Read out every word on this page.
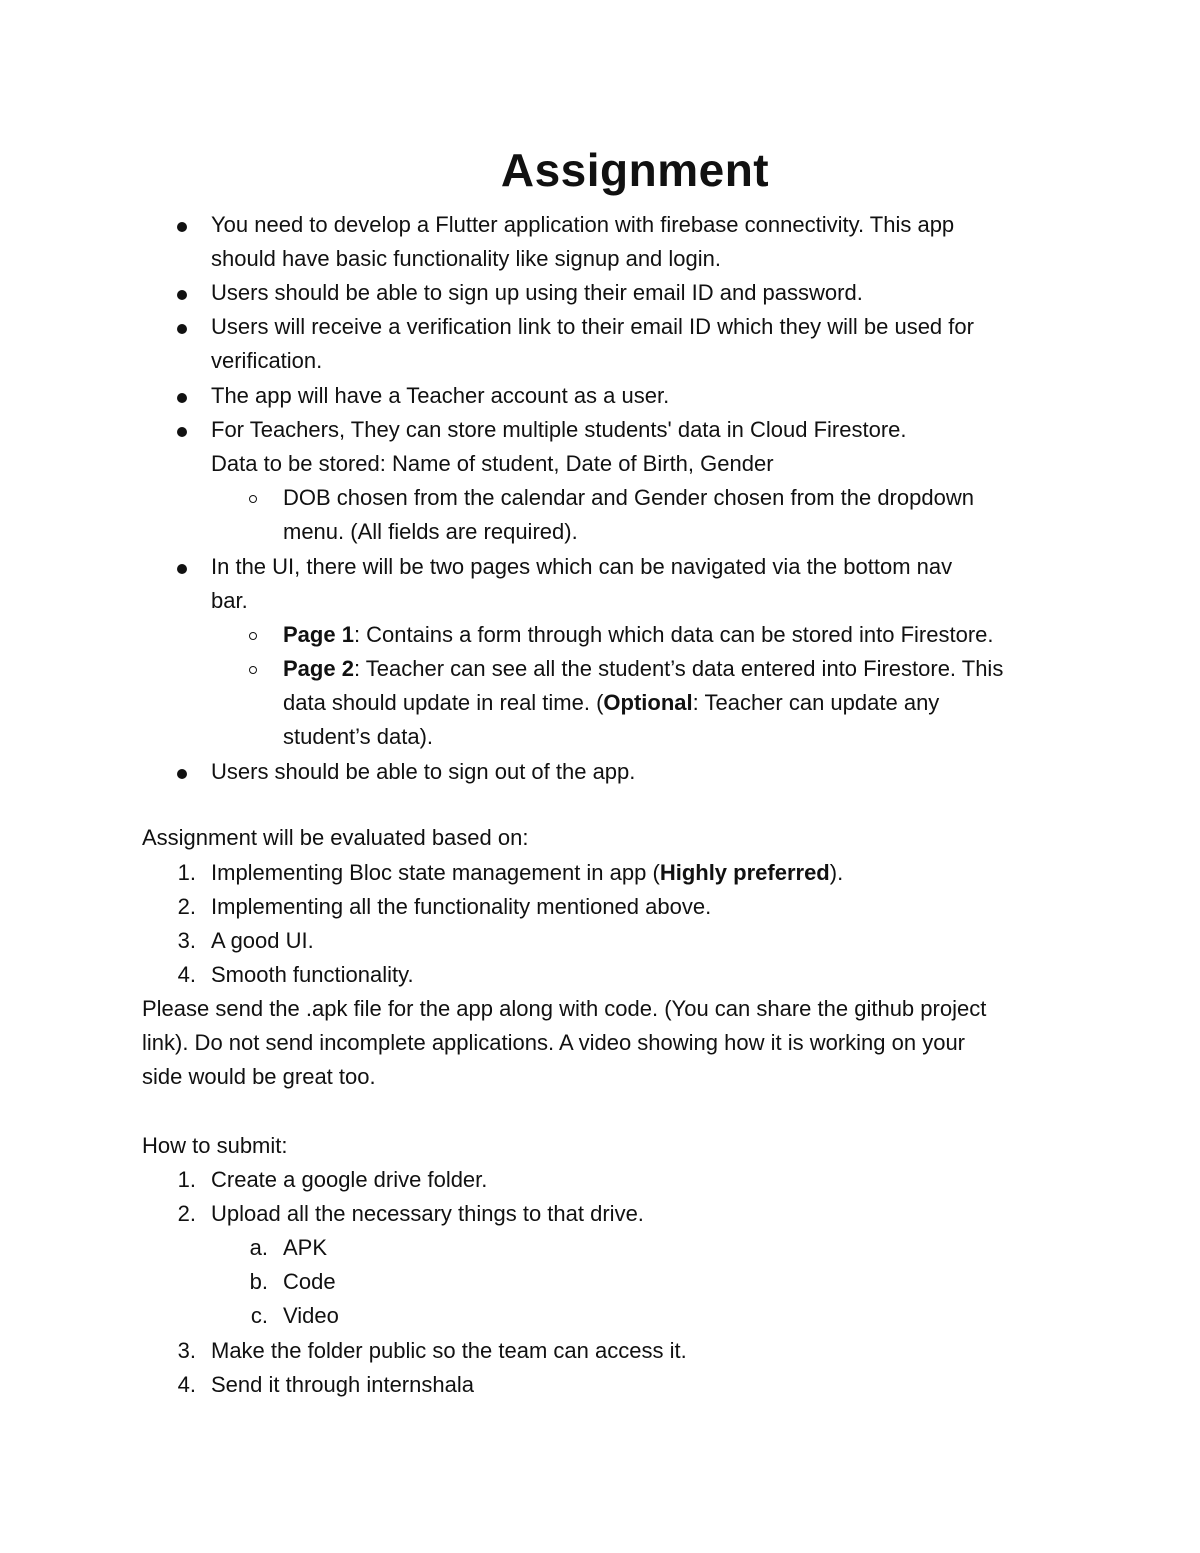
Assignment
You need to develop a Flutter application with firebase connectivity. This app
should have basic functionality like signup and login.
Users should be able to sign up using their email ID and password.
Users will receive a verification link to their email ID which they will be used for
verification.
The app will have a Teacher account as a user.
For Teachers, They can store multiple students' data in Cloud Firestore.
Data to be stored: Name of student, Date of Birth, Gender
DOB chosen from the calendar and Gender chosen from the dropdown
menu. (All fields are required).
In the UI, there will be two pages which can be navigated via the bottom nav
bar.
Page 1: Contains a form through which data can be stored into Firestore.
Page 2: Teacher can see all the student’s data entered into Firestore. This
data should update in real time. (Optional: Teacher can update any
student’s data).
Users should be able to sign out of the app.
Assignment will be evaluated based on:
1. Implementing Bloc state management in app (Highly preferred).
2. Implementing all the functionality mentioned above.
3. A good UI.
4. Smooth functionality.
Please send the .apk file for the app along with code. (You can share the github project
link). Do not send incomplete applications. A video showing how it is working on your
side would be great too.
How to submit:
1. Create a google drive folder.
2. Upload all the necessary things to that drive.
a. APK
b. Code
c. Video
3. Make the folder public so the team can access it.
4. Send it through internshala
